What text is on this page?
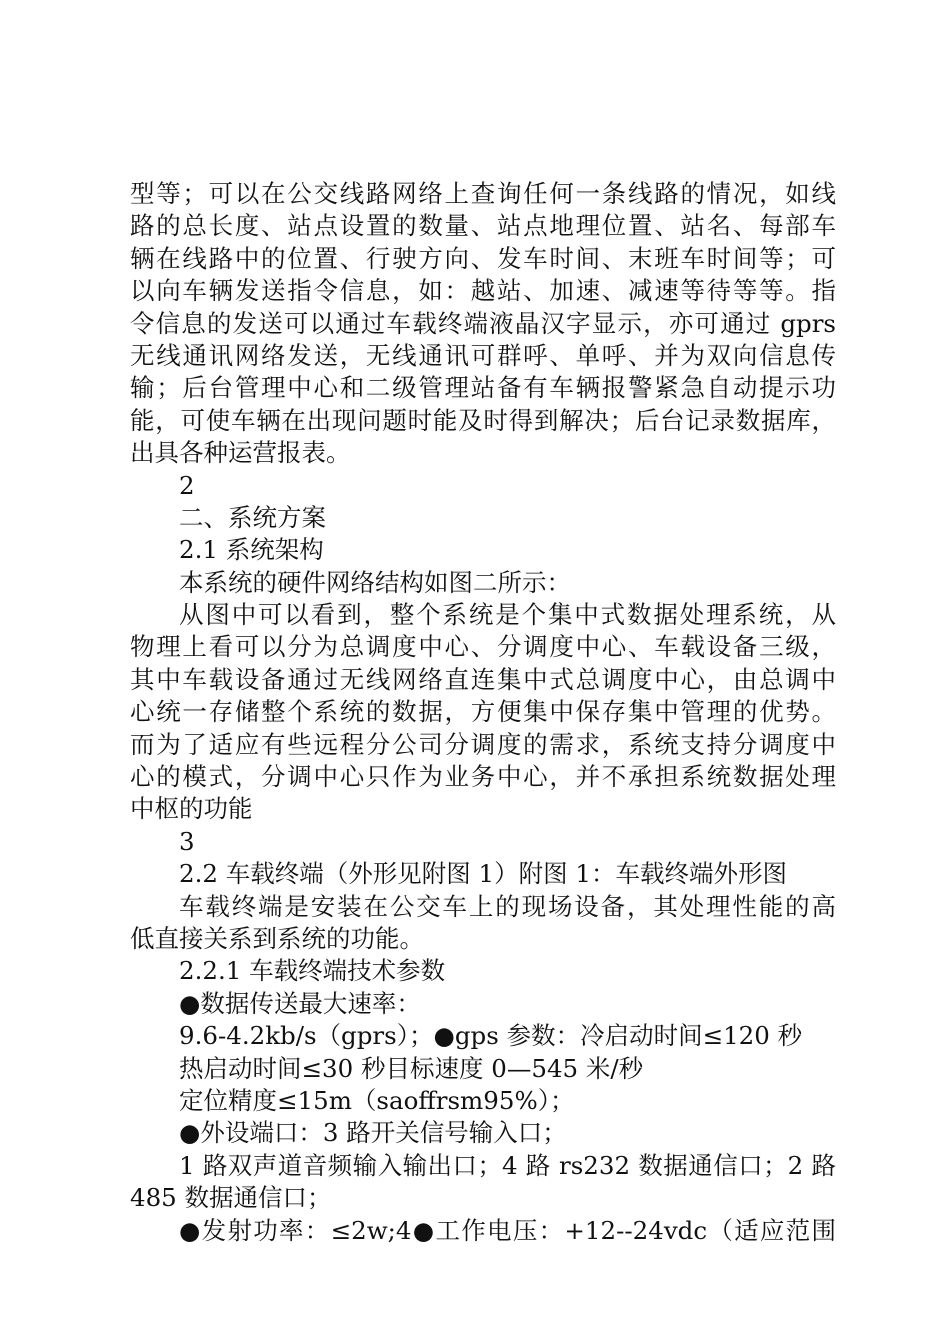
型等；可以在公交线路网络上查询任何一条线路的情况，如线
路的总长度、站点设置的数量、站点地理位置、站名、每部车
辆在线路中的位置、行驶方向、发车时间、末班车时间等；可
以向车辆发送指令信息，如：越站、加速、减速等待等等。指
令信息的发送可以通过车载终端液晶汉字显示，亦可通过 gprs
无线通讯网络发送，无线通讯可群呼、单呼、并为双向信息传
输；后台管理中心和二级管理站备有车辆报警紧急自动提示功
能，可使车辆在出现问题时能及时得到解决；后台记录数据库，
出具各种运营报表。
2
二、系统方案
2.1 系统架构
本系统的硬件网络结构如图二所示：
从图中可以看到，整个系统是个集中式数据处理系统，从
物理上看可以分为总调度中心、分调度中心、车载设备三级，
其中车载设备通过无线网络直连集中式总调度中心，由总调中
心统一存储整个系统的数据，方便集中保存集中管理的优势。
而为了适应有些远程分公司分调度的需求，系统支持分调度中
心的模式，分调中心只作为业务中心，并不承担系统数据处理
中枢的功能
3
2.2 车载终端（外形见附图 1）附图 1：车载终端外形图
车载终端是安装在公交车上的现场设备，其处理性能的高
低直接关系到系统的功能。
2.2.1 车载终端技术参数
●数据传送最大速率：
9.6-4.2kb/s（gprs）；●gps 参数：冷启动时间≤120 秒
热启动时间≤30 秒目标速度 0—545 米/秒
定位精度≤15m（saoffrsm95%）；
●外设端口：3 路开关信号输入口；
1 路双声道音频输入输出口；4 路 rs232 数据通信口；2 路
485 数据通信口；
●发射功率：≤2w;4●工作电压：+12--24vdc（适应范围
